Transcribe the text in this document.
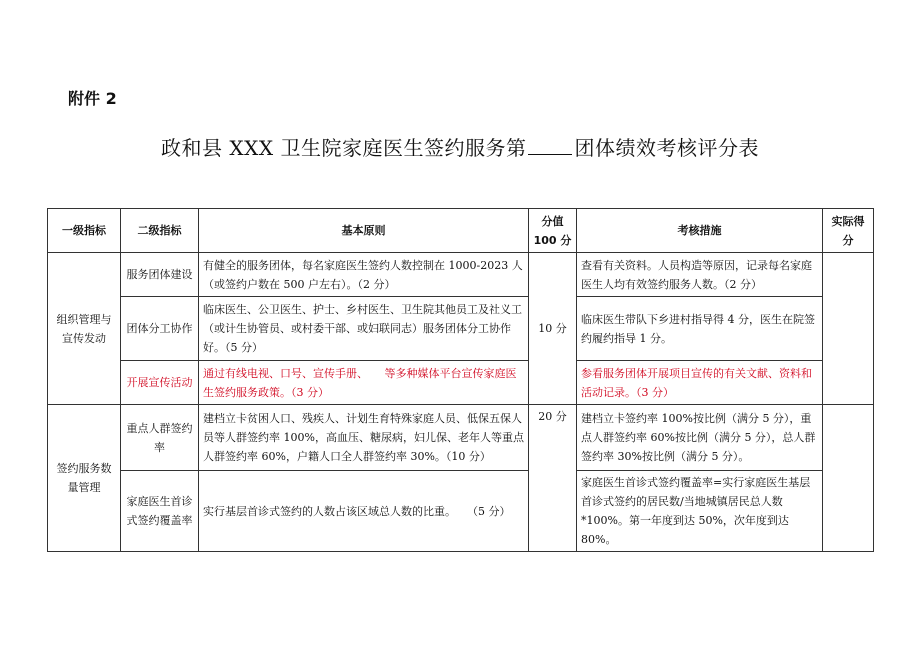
附件 2
政和县 XXX 卫生院家庭医生签约服务第 团体绩效考核评分表
一级指标	二级指标	基本原则	分值 100 分	考核措施	实际得分
组织管理与宣传发动	服务团体建设	有健全的服务团体，每名家庭医生签约人数控制在 1000-2023 人（或签约户数在 500 户左右）。（2 分）	10 分	查看有关资料。人员构造等原因，记录每名家庭医生人均有效签约服务人数。（2 分）	
	团体分工协作	临床医生、公卫医生、护士、乡村医生、卫生院其他员工及社义工（或计生协管员、或村委干部、或妇联同志）服务团体分工协作好。（5 分）		临床医生带队下乡进村指导得 4 分，医生在院签约履约指导 1 分。	
	开展宣传活动	通过有线电视、口号、宣传手册、　　等多种媒体平台宣传家庭医生签约服务政策。（3 分）		参看服务团体开展项目宣传的有关文献、资料和活动记录。（3 分）	
签约服务数量管理	重点人群签约率	建档立卡贫困人口、残疾人、计划生育特殊家庭人员、低保五保人员等人群签约率 100%，高血压、糖尿病，妇儿保、老年人等重点人群签约率 60%，户籍人口全人群签约率 30%。（10 分）	20 分	建档立卡签约率 100%按比例（满分 5 分），重点人群签约率 60%按比例（满分 5 分），总人群签约率 30%按比例（满分 5 分）。	
	家庭医生首诊式签约覆盖率	实行基层首诊式签约的人数占该区域总人数的比重。　　（5 分）		家庭医生首诊式签约覆盖率=实行家庭医生基层首诊式签约的居民数/当地城镇居民总人数*100%。第一年度到达 50%，次年度到达 80%。	
